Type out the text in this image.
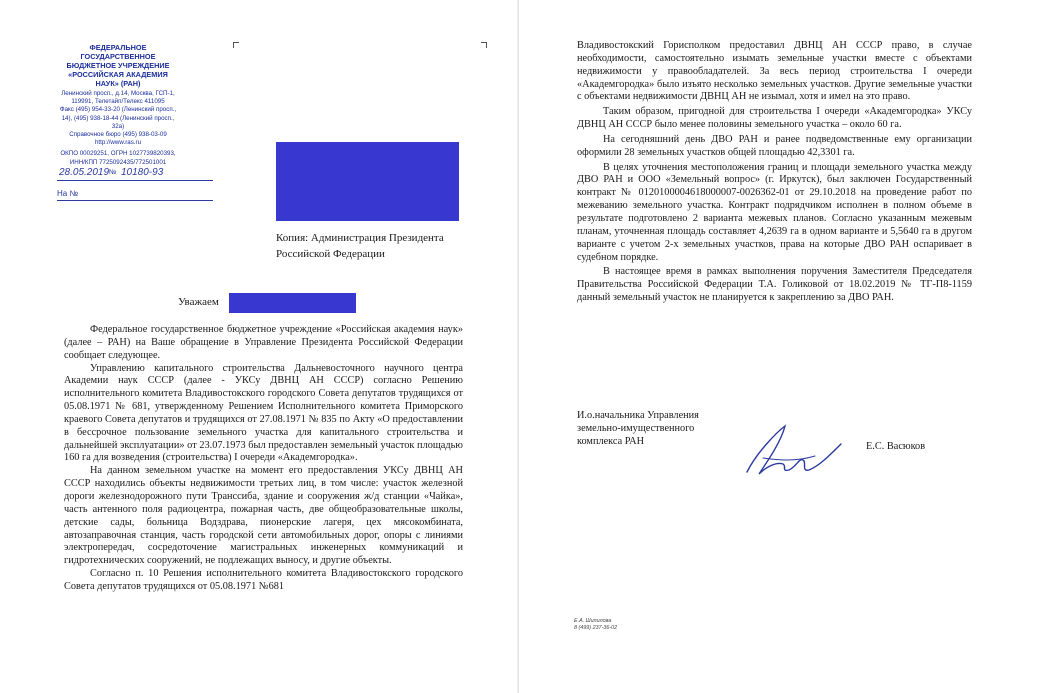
ФЕДЕРАЛЬНОЕ ГОСУДАРСТВЕННОЕ БЮДЖЕТНОЕ УЧРЕЖДЕНИЕ «РОССИЙСКАЯ АКАДЕМИЯ НАУК» (РАН)
Ленинский просп., д.14, Москва, ГСП-1, 119991, Телетайп/Телекс 411095
Факс (495) 954-33-20 (Ленинский просп., 14), (495) 938-18-44 (Ленинский просп., 32а)
Справочное бюро (495) 938-03-09
http://www.ras.ru
ОКПО 00029251, ОГРН 1027739820393, ИНН/КПП 7725092435/772501001
28.05.2019 № 10180-93
На №
Копия: Администрация Президента Российской Федерации
Уважаем

Федеральное государственное бюджетное учреждение «Российская академия наук» (далее – РАН) на Ваше обращение в Управление Президента Российской Федерации сообщает следующее.

Управлению капитального строительства Дальневосточного научного центра Академии наук СССР (далее - УКСу ДВНЦ АН СССР) согласно Решению исполнительного комитета Владивостокского городского Совета депутатов трудящихся от 05.08.1971 № 681, утвержденному Решением Исполнительного комитета Приморского краевого Совета депутатов и трудящихся от 27.08.1971 № 835 по Акту «О предоставлении в бессрочное пользование земельного участка для капитального строительства и дальнейшей эксплуатации» от 23.07.1973 был предоставлен земельный участок площадью 160 га для возведения (строительства) I очереди «Академгородка».

На данном земельном участке на момент его предоставления УКСу ДВНЦ АН СССР находились объекты недвижимости третьих лиц, в том числе: участок железной дороги железнодорожного пути Транссиба, здание и сооружения ж/д станции «Чайка», часть антенного поля радиоцентра, пожарная часть, две общеобразовательные школы, детские сады, больница Водздрава, пионерские лагеря, цех мясокомбината, автозаправочная станция, часть городской сети автомобильных дорог, опоры с линиями электропередач, сосредоточение магистральных инженерных коммуникаций и гидротехнических сооружений, не подлежащих выносу, и другие объекты.

Согласно п. 10 Решения исполнительного комитета Владивостокского городского Совета депутатов трудящихся от 05.08.1971 №681

Владивостокский Горисполком предоставил ДВНЦ АН СССР право, в случае необходимости, самостоятельно изымать земельные участки вместе с объектами недвижимости у правообладателей. За весь период строительства I очереди «Академгородка» было изъято несколько земельных участков. Другие земельные участки с объектами недвижимости ДВНЦ АН не изымал, хотя и имел на это право.

Таким образом, пригодной для строительства I очереди «Академгородка» УКСу ДВНЦ АН СССР было менее половины земельного участка – около 60 га.

На сегодняшний день ДВО РАН и ранее подведомственные ему организации оформили 28 земельных участков общей площадью 42,3301 га.

В целях уточнения местоположения границ и площади земельного участка между ДВО РАН и ООО «Земельный вопрос» (г. Иркутск), был заключен Государственный контракт № 0120100004618000007-0026362-01 от 29.10.2018 на проведение работ по межеванию земельного участка. Контракт подрядчиком исполнен в полном объеме в результате подготовлено 2 варианта межевых планов. Согласно указанным межевым планам, уточненная площадь составляет 4,2639 га в одном варианте и 5,5640 га в другом варианте с учетом 2-х земельных участков, права на которые ДВО РАН оспаривает в судебном порядке.

В настоящее время в рамках выполнения поручения Заместителя Председателя Правительства Российской Федерации Т.А. Голиковой от 18.02.2019 № ТГ-П8-1159 данный земельный участок не планируется к закреплению за ДВО РАН.

И.о.начальника Управления
земельно-имущественного
комплекса РАН	Е.С. Васюков
Е.А. Шипилова
8 (499) 237-36-02
